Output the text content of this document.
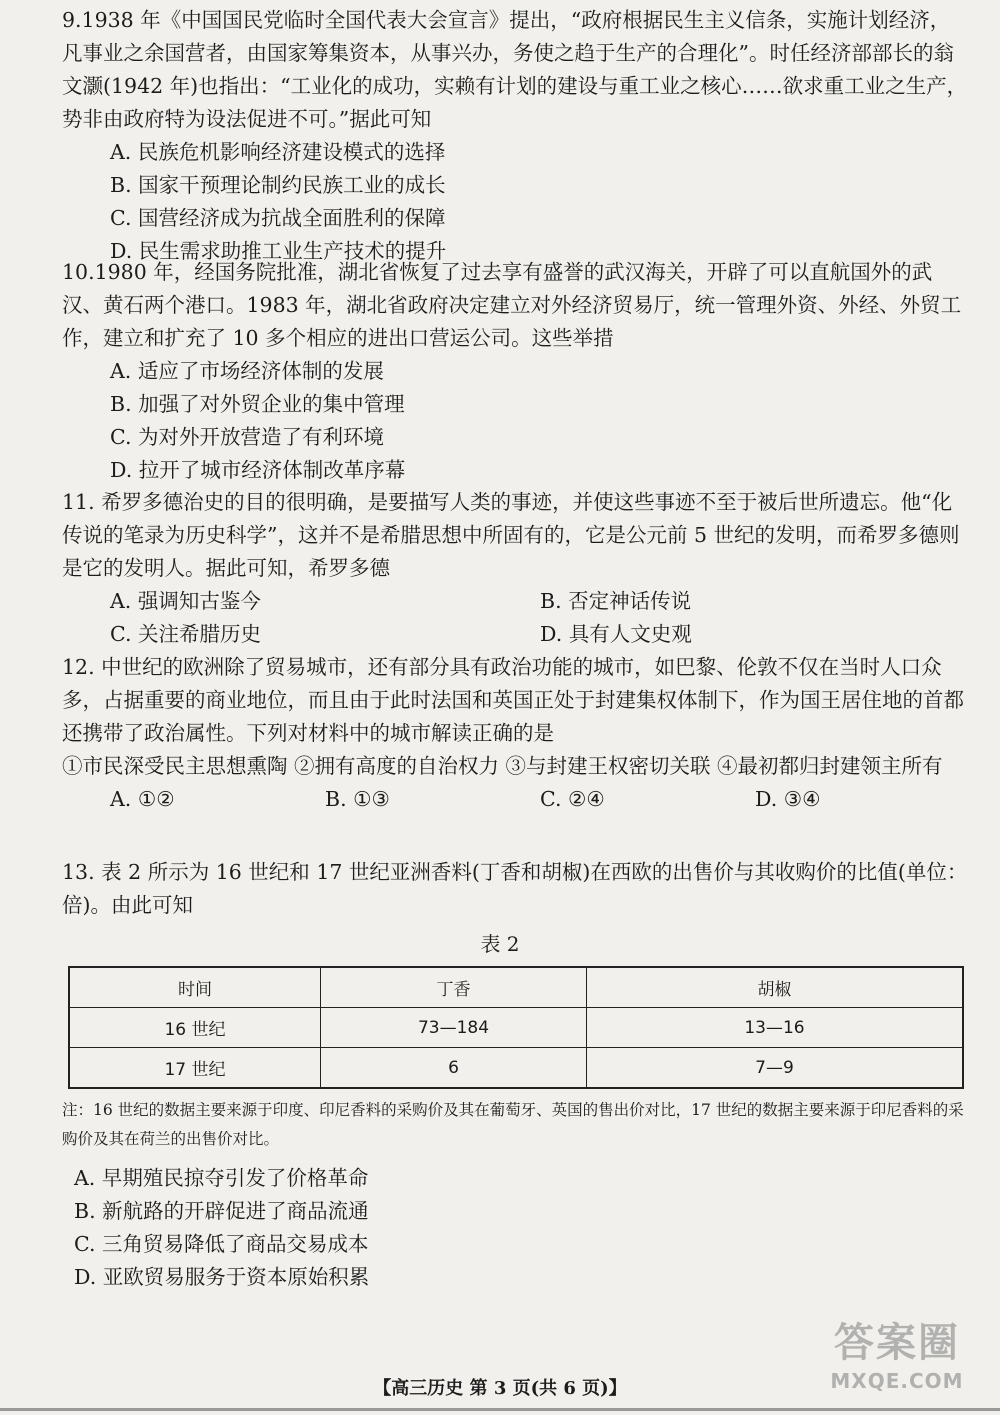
9.1938 年《中国国民党临时全国代表大会宣言》提出，“政府根据民生主义信条，实施计划经济，凡事业之余国营者，由国家筹集资本，从事兴办，务使之趋于生产的合理化”。时任经济部部长的翁文灏(1942 年)也指出：“工业化的成功，实赖有计划的建设与重工业之核心……欲求重工业之生产，势非由政府特为设法促进不可。”据此可知

A. 民族危机影响经济建设模式的选择

B. 国家干预理论制约民族工业的成长

C. 国营经济成为抗战全面胜利的保障

D. 民生需求助推工业生产技术的提升

10.1980 年，经国务院批准，湖北省恢复了过去享有盛誉的武汉海关，开辟了可以直航国外的武汉、黄石两个港口。1983 年，湖北省政府决定建立对外经济贸易厅，统一管理外资、外经、外贸工作，建立和扩充了 10 多个相应的进出口营运公司。这些举措

A. 适应了市场经济体制的发展

B. 加强了对外贸企业的集中管理

C. 为对外开放营造了有利环境

D. 拉开了城市经济体制改革序幕

11. 希罗多德治史的目的很明确，是要描写人类的事迹，并使这些事迹不至于被后世所遗忘。他“化传说的笔录为历史科学”，这并不是希腊思想中所固有的，它是公元前 5 世纪的发明，而希罗多德则是它的发明人。据此可知，希罗多德

A. 强调知古鉴今	B. 否定神话传说

C. 关注希腊历史	D. 具有人文史观

12. 中世纪的欧洲除了贸易城市，还有部分具有政治功能的城市，如巴黎、伦敦不仅在当时人口众多，占据重要的商业地位，而且由于此时法国和英国正处于封建集权体制下，作为国王居住地的首都还携带了政治属性。下列对材料中的城市解读正确的是

①市民深受民主思想熏陶 ②拥有高度的自治权力 ③与封建王权密切关联 ④最初都归封建领主所有

A. ①②	B. ①③	C. ②④	D. ③④

13. 表 2 所示为 16 世纪和 17 世纪亚洲香料(丁香和胡椒)在西欧的出售价与其收购价的比值(单位：倍)。由此可知

表 2
时间	丁香	胡椒
16 世纪	73—184	13—16
17 世纪	6	7—9

注：16 世纪的数据主要来源于印度、印尼香料的采购价及其在葡萄牙、英国的售出价对比，17 世纪的数据主要来源于印尼香料的采购价及其在荷兰的出售价对比。

A. 早期殖民掠夺引发了价格革命

B. 新航路的开辟促进了商品流通

C. 三角贸易降低了商品交易成本

D. 亚欧贸易服务于资本原始积累

【高三历史 第 3 页(共 6 页)】
答案圈
MXQE.COM
